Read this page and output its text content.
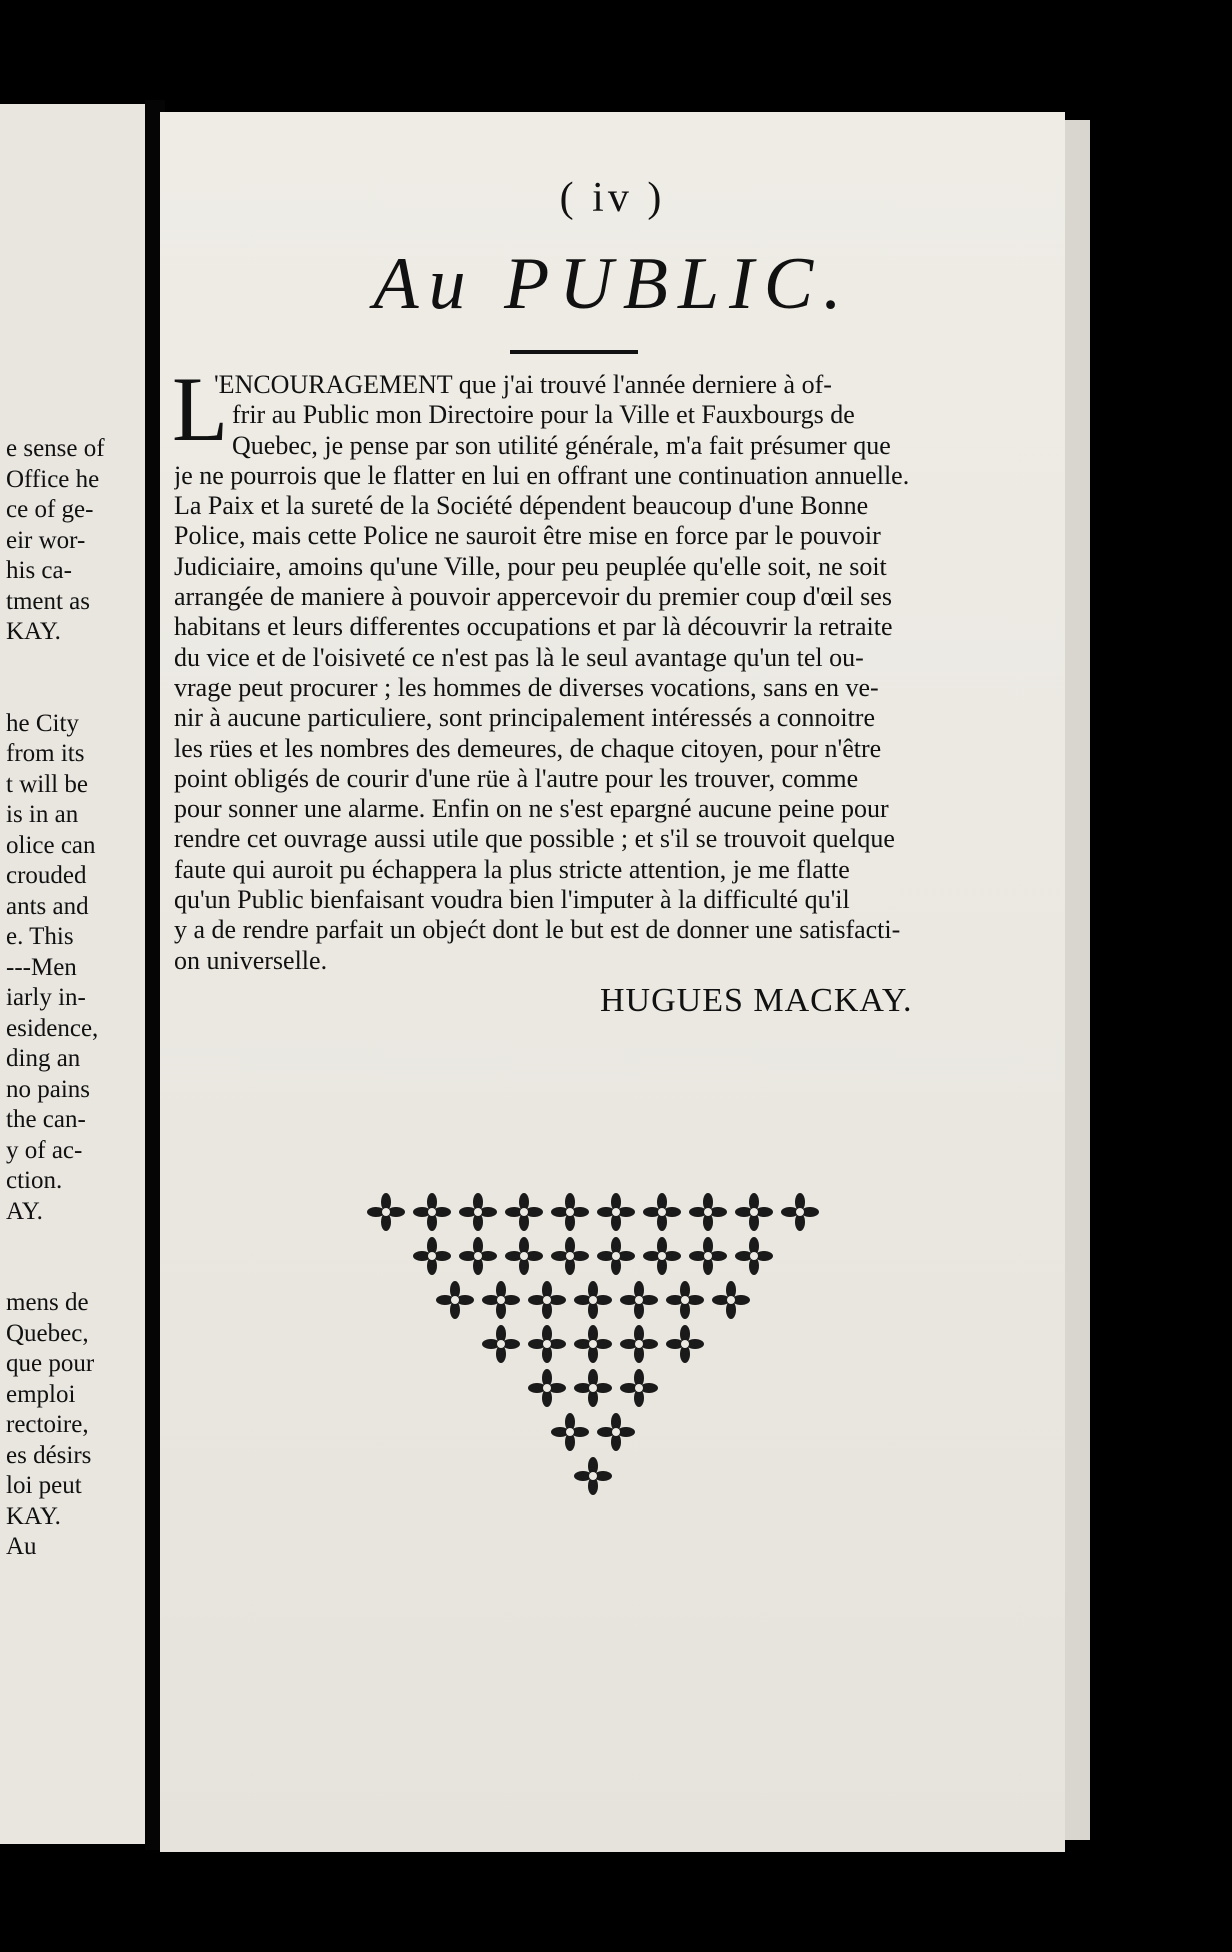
e sense of
Office he
ce of ge-
eir wor-
his ca-
tment as
KAY.
he City
from its
t will be
is in an
olice can
crouded
ants and
e. This
---Men
iarly in-
esidence,
ding an
no pains
the can-
y of ac-
ction.
AY.
mens de
Quebec,
que pour
emploi
rectoire,
es désirs
loi peut
KAY.
Au
( iv )
Au PUBLIC.
L
'ENCOURAGEMENT que j'ai trouvé l'année derniere à of-
frir au Public mon Directoire pour la Ville et Fauxbourgs de
Quebec, je pense par son utilité générale, m'a fait présumer que
je ne pourrois que le flatter en lui en offrant une continuation annuelle.
La Paix et la sureté de la Société dépendent beaucoup d'une Bonne
Police, mais cette Police ne sauroit être mise en force par le pouvoir
Judiciaire, amoins qu'une Ville, pour peu peuplée qu'elle soit, ne soit
arrangée de maniere à pouvoir appercevoir du premier coup d'œil ses
habitans et leurs differentes occupations et par là découvrir la retraite
du vice et de l'oisiveté ce n'est pas là le seul avantage qu'un tel ou-
vrage peut procurer ; les hommes de diverses vocations, sans en ve-
nir à aucune particuliere, sont principalement intéressés a connoitre
les rües et les nombres des demeures, de chaque citoyen, pour n'être
point obligés de courir d'une rüe à l'autre pour les trouver, comme
pour sonner une alarme. Enfin on ne s'est epargné aucune peine pour
rendre cet ouvrage aussi utile que possible ; et s'il se trouvoit quelque
faute qui auroit pu échappera la plus stricte attention, je me flatte
qu'un Public bienfaisant voudra bien l'imputer à la difficulté qu'il
y a de rendre parfait un objećt dont le but est de donner une satisfacti-
on universelle.
HUGUES MACKAY.
